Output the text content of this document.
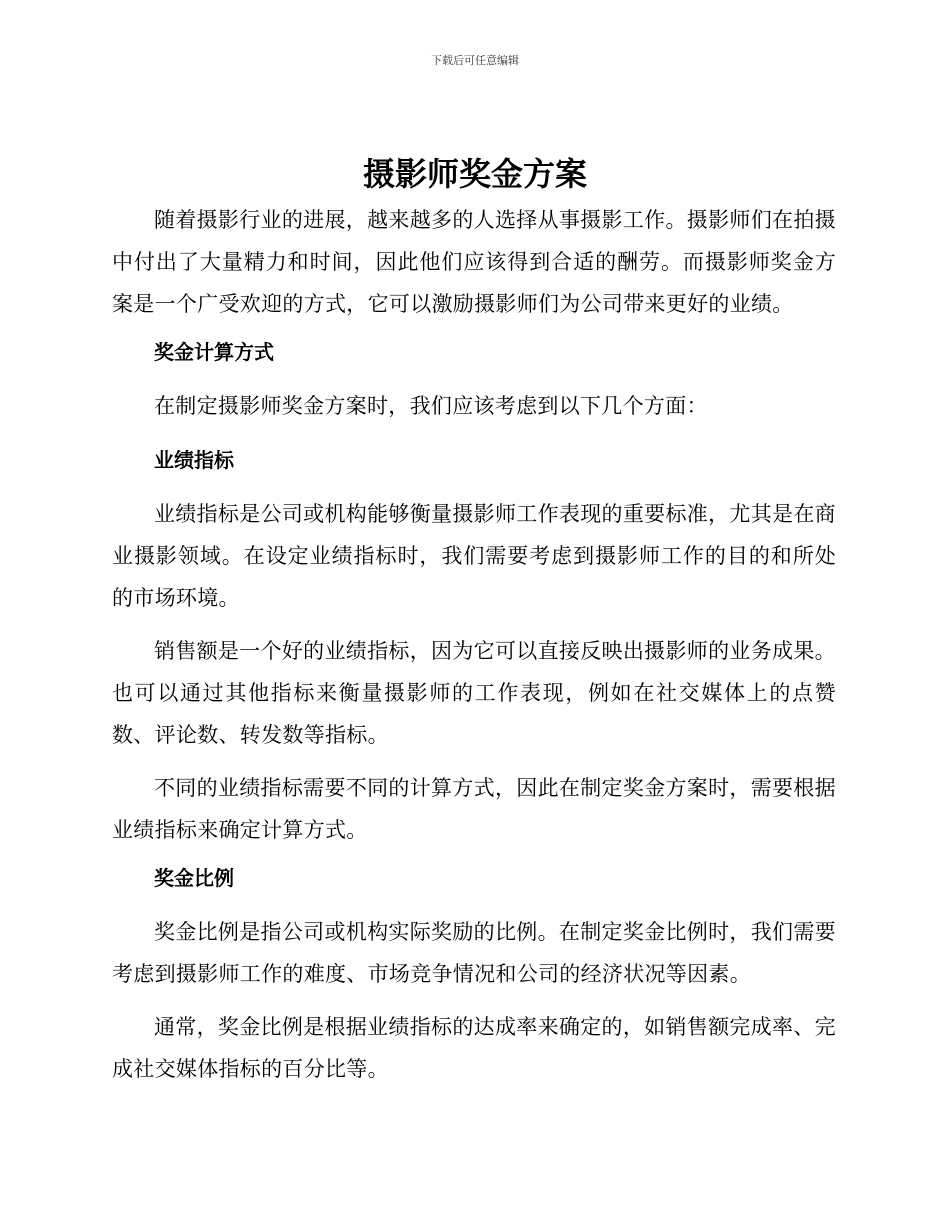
下载后可任意编辑
摄影师奖金方案

随着摄影行业的进展，越来越多的人选择从事摄影工作。摄影师们在拍摄中付出了大量精力和时间，因此他们应该得到合适的酬劳。而摄影师奖金方案是一个广受欢迎的方式，它可以激励摄影师们为公司带来更好的业绩。

奖金计算方式

在制定摄影师奖金方案时，我们应该考虑到以下几个方面：

业绩指标

业绩指标是公司或机构能够衡量摄影师工作表现的重要标准，尤其是在商业摄影领域。在设定业绩指标时，我们需要考虑到摄影师工作的目的和所处的市场环境。

销售额是一个好的业绩指标，因为它可以直接反映出摄影师的业务成果。也可以通过其他指标来衡量摄影师的工作表现，例如在社交媒体上的点赞数、评论数、转发数等指标。

不同的业绩指标需要不同的计算方式，因此在制定奖金方案时，需要根据业绩指标来确定计算方式。

奖金比例

奖金比例是指公司或机构实际奖励的比例。在制定奖金比例时，我们需要考虑到摄影师工作的难度、市场竞争情况和公司的经济状况等因素。

通常，奖金比例是根据业绩指标的达成率来确定的，如销售额完成率、完成社交媒体指标的百分比等。
